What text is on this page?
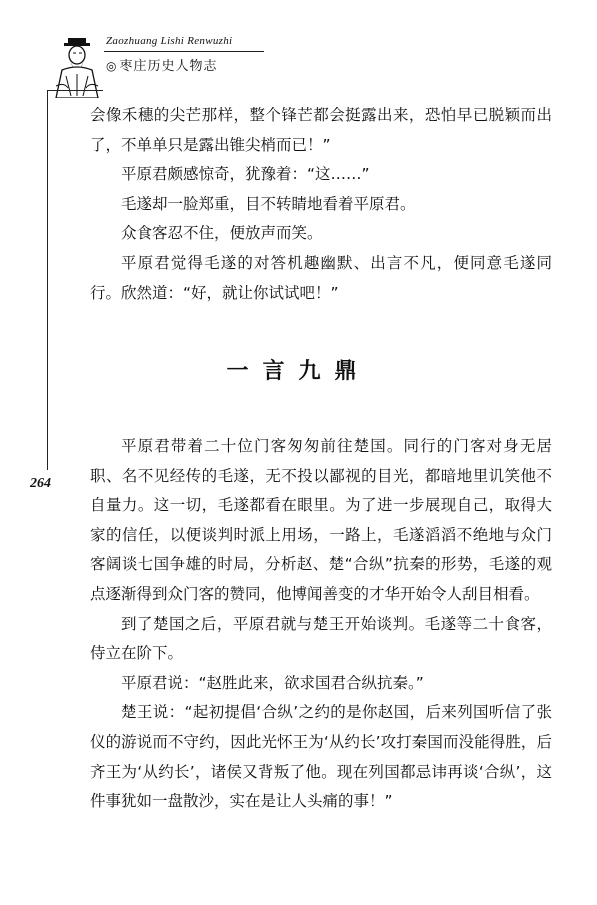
Zaozhuang Lishi Renwuzhi
◎ 枣庄历史人物志
264

会像禾穗的尖芒那样，整个锋芒都会挺露出来，恐怕早已脱颖而出了，不单单只是露出锥尖梢而已！”

平原君颇感惊奇，犹豫着：“这……”

毛遂却一脸郑重，目不转睛地看着平原君。

众食客忍不住，便放声而笑。

平原君觉得毛遂的对答机趣幽默、出言不凡，便同意毛遂同行。欣然道：“好，就让你试试吧！”

一言九鼎

平原君带着二十位门客匆匆前往楚国。同行的门客对身无居职、名不见经传的毛遂，无不投以鄙视的目光，都暗地里讥笑他不自量力。这一切，毛遂都看在眼里。为了进一步展现自己，取得大家的信任，以便谈判时派上用场，一路上，毛遂滔滔不绝地与众门客阔谈七国争雄的时局，分析赵、楚“合纵”抗秦的形势，毛遂的观点逐渐得到众门客的赞同，他博闻善变的才华开始令人刮目相看。

到了楚国之后，平原君就与楚王开始谈判。毛遂等二十食客，侍立在阶下。

平原君说：“赵胜此来，欲求国君合纵抗秦。”

楚王说：“起初提倡‘合纵’之约的是你赵国，后来列国听信了张仪的游说而不守约，因此光怀王为‘从约长’攻打秦国而没能得胜，后齐王为‘从约长’，诸侯又背叛了他。现在列国都忌讳再谈‘合纵’，这件事犹如一盘散沙，实在是让人头痛的事！”
